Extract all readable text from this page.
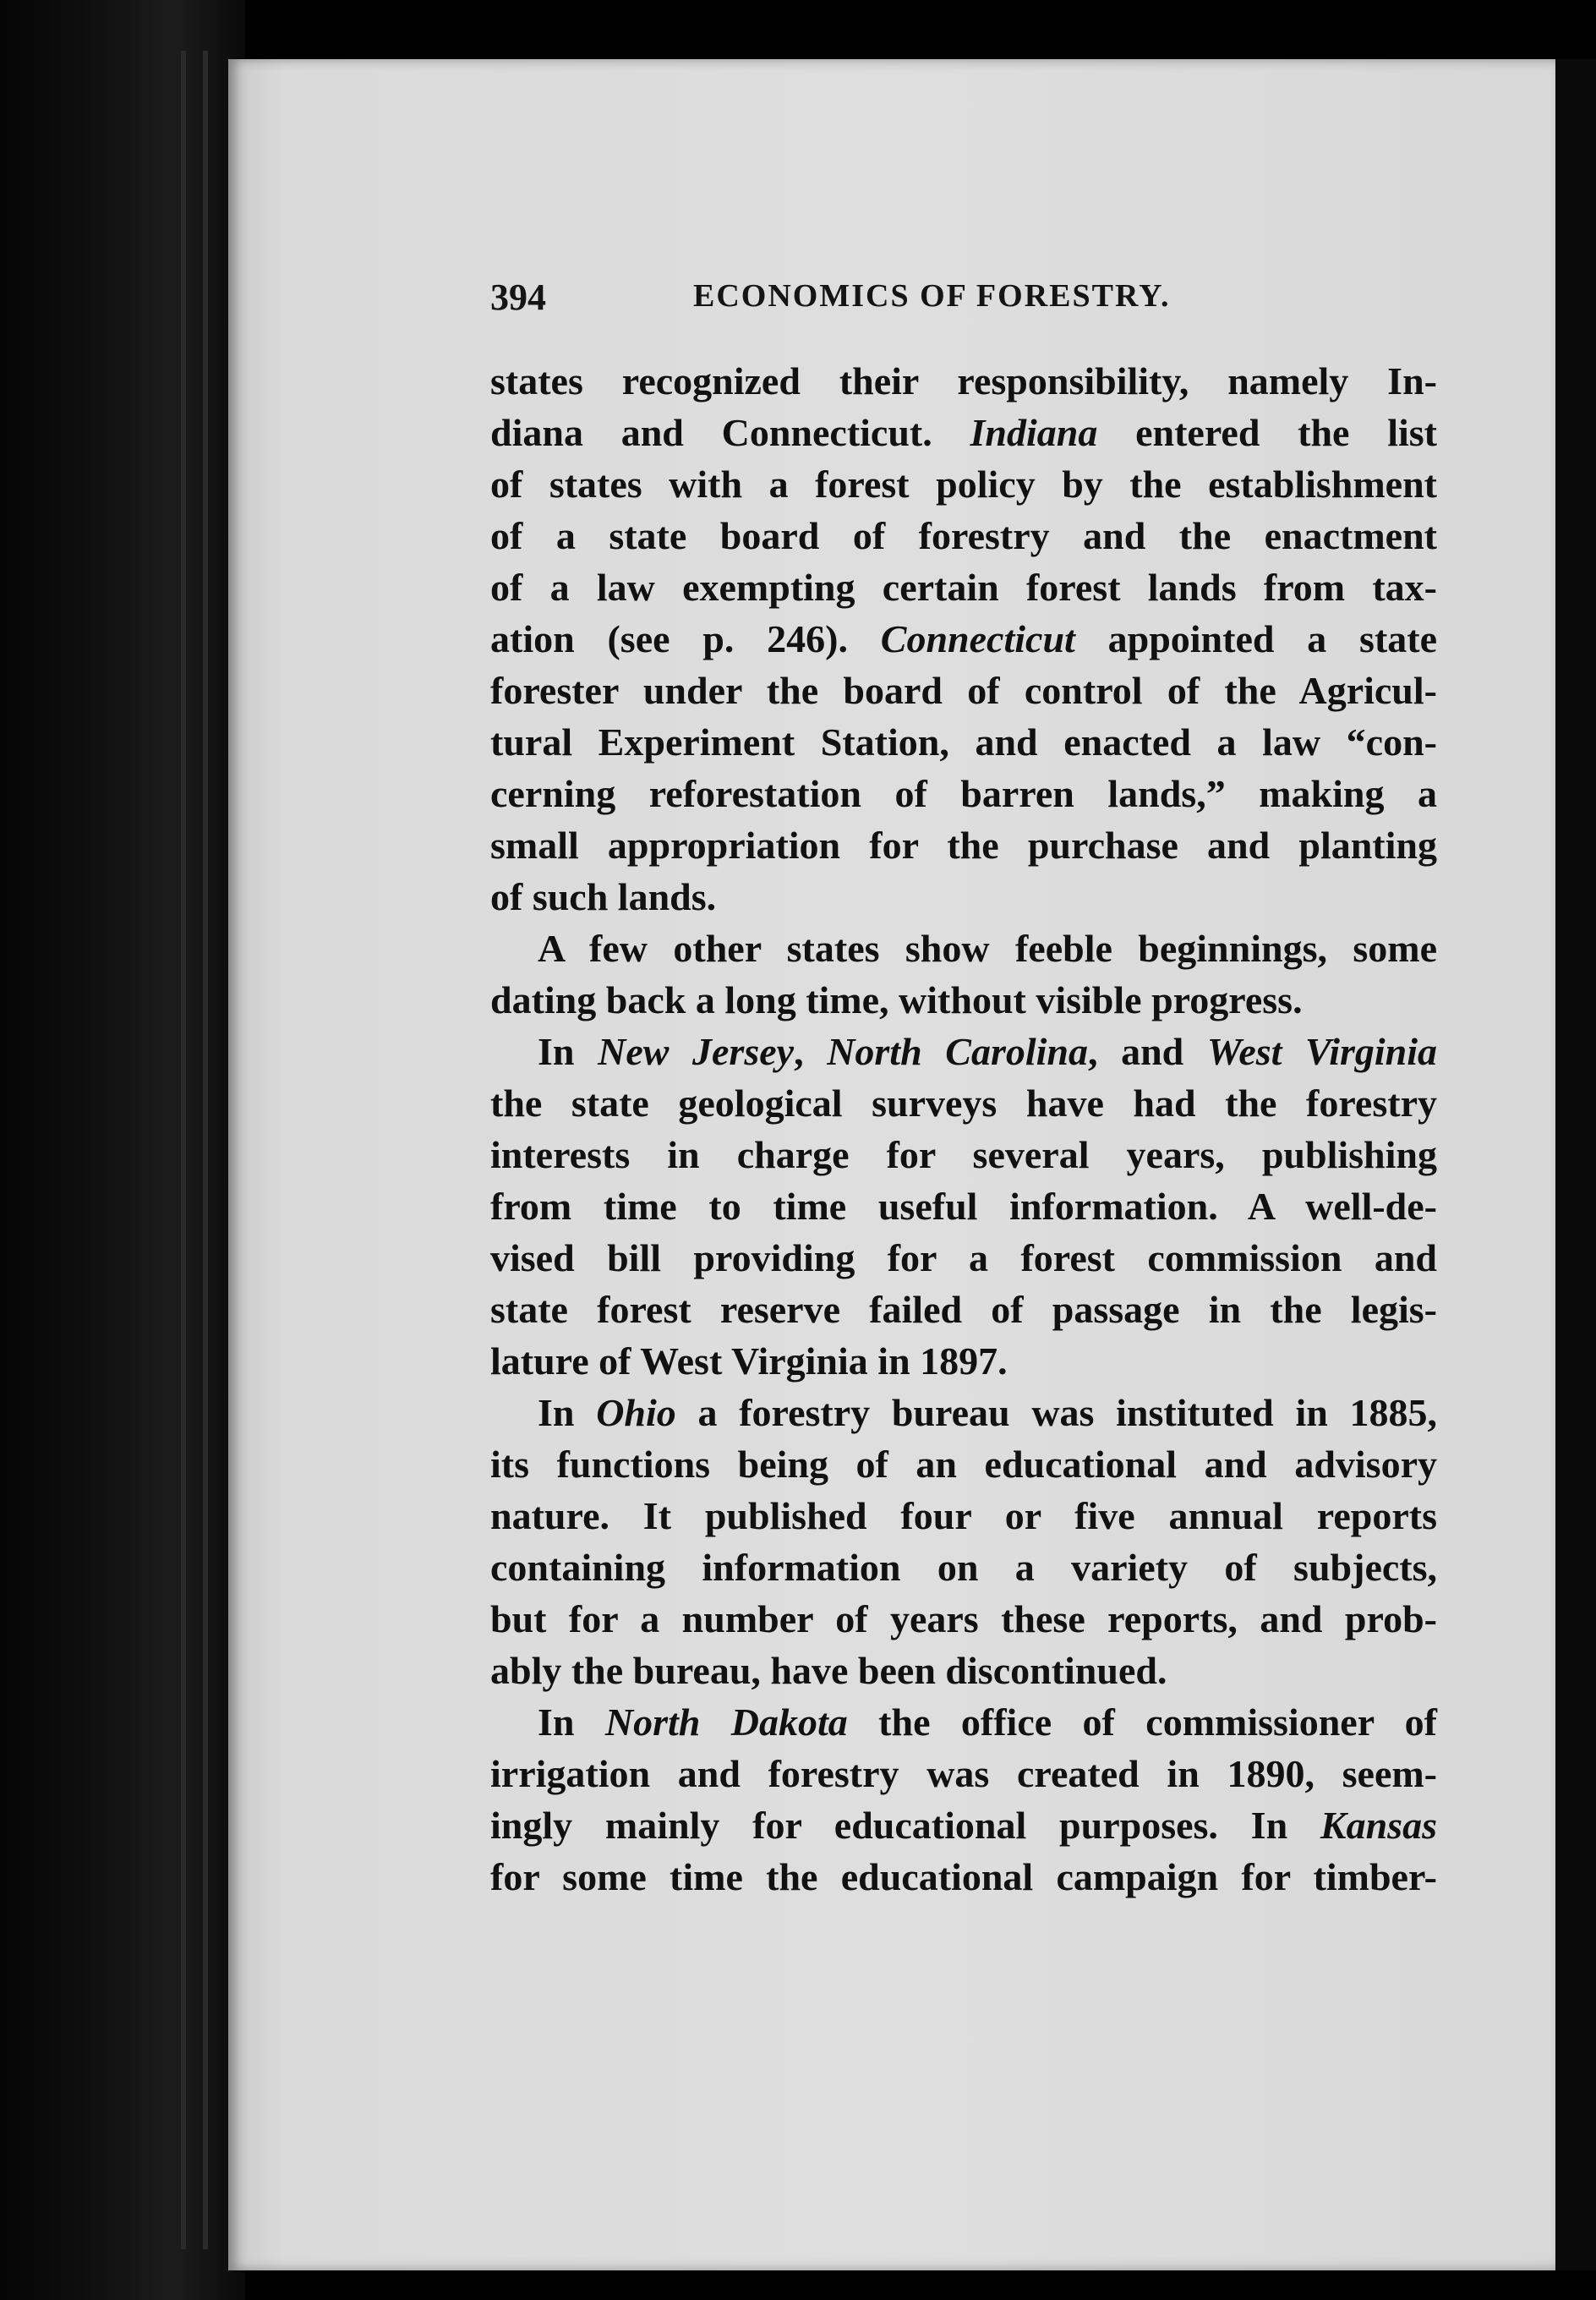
394	ECONOMICS OF FORESTRY.
states recognized their responsibility, namely In-
diana and Connecticut. Indiana entered the list
of states with a forest policy by the establishment
of a state board of forestry and the enactment
of a law exempting certain forest lands from tax-
ation (see p. 246). Connecticut appointed a state
forester under the board of control of the Agricul-
tural Experiment Station, and enacted a law “con-
cerning reforestation of barren lands,” making a
small appropriation for the purchase and planting
of such lands.
A few other states show feeble beginnings, some
dating back a long time, without visible progress.
In New Jersey, North Carolina, and West Virginia
the state geological surveys have had the forestry
interests in charge for several years, publishing
from time to time useful information. A well-de-
vised bill providing for a forest commission and
state forest reserve failed of passage in the legis-
lature of West Virginia in 1897.
In Ohio a forestry bureau was instituted in 1885,
its functions being of an educational and advisory
nature. It published four or five annual reports
containing information on a variety of subjects,
but for a number of years these reports, and prob-
ably the bureau, have been discontinued.
In North Dakota the office of commissioner of
irrigation and forestry was created in 1890, seem-
ingly mainly for educational purposes. In Kansas
for some time the educational campaign for timber-
